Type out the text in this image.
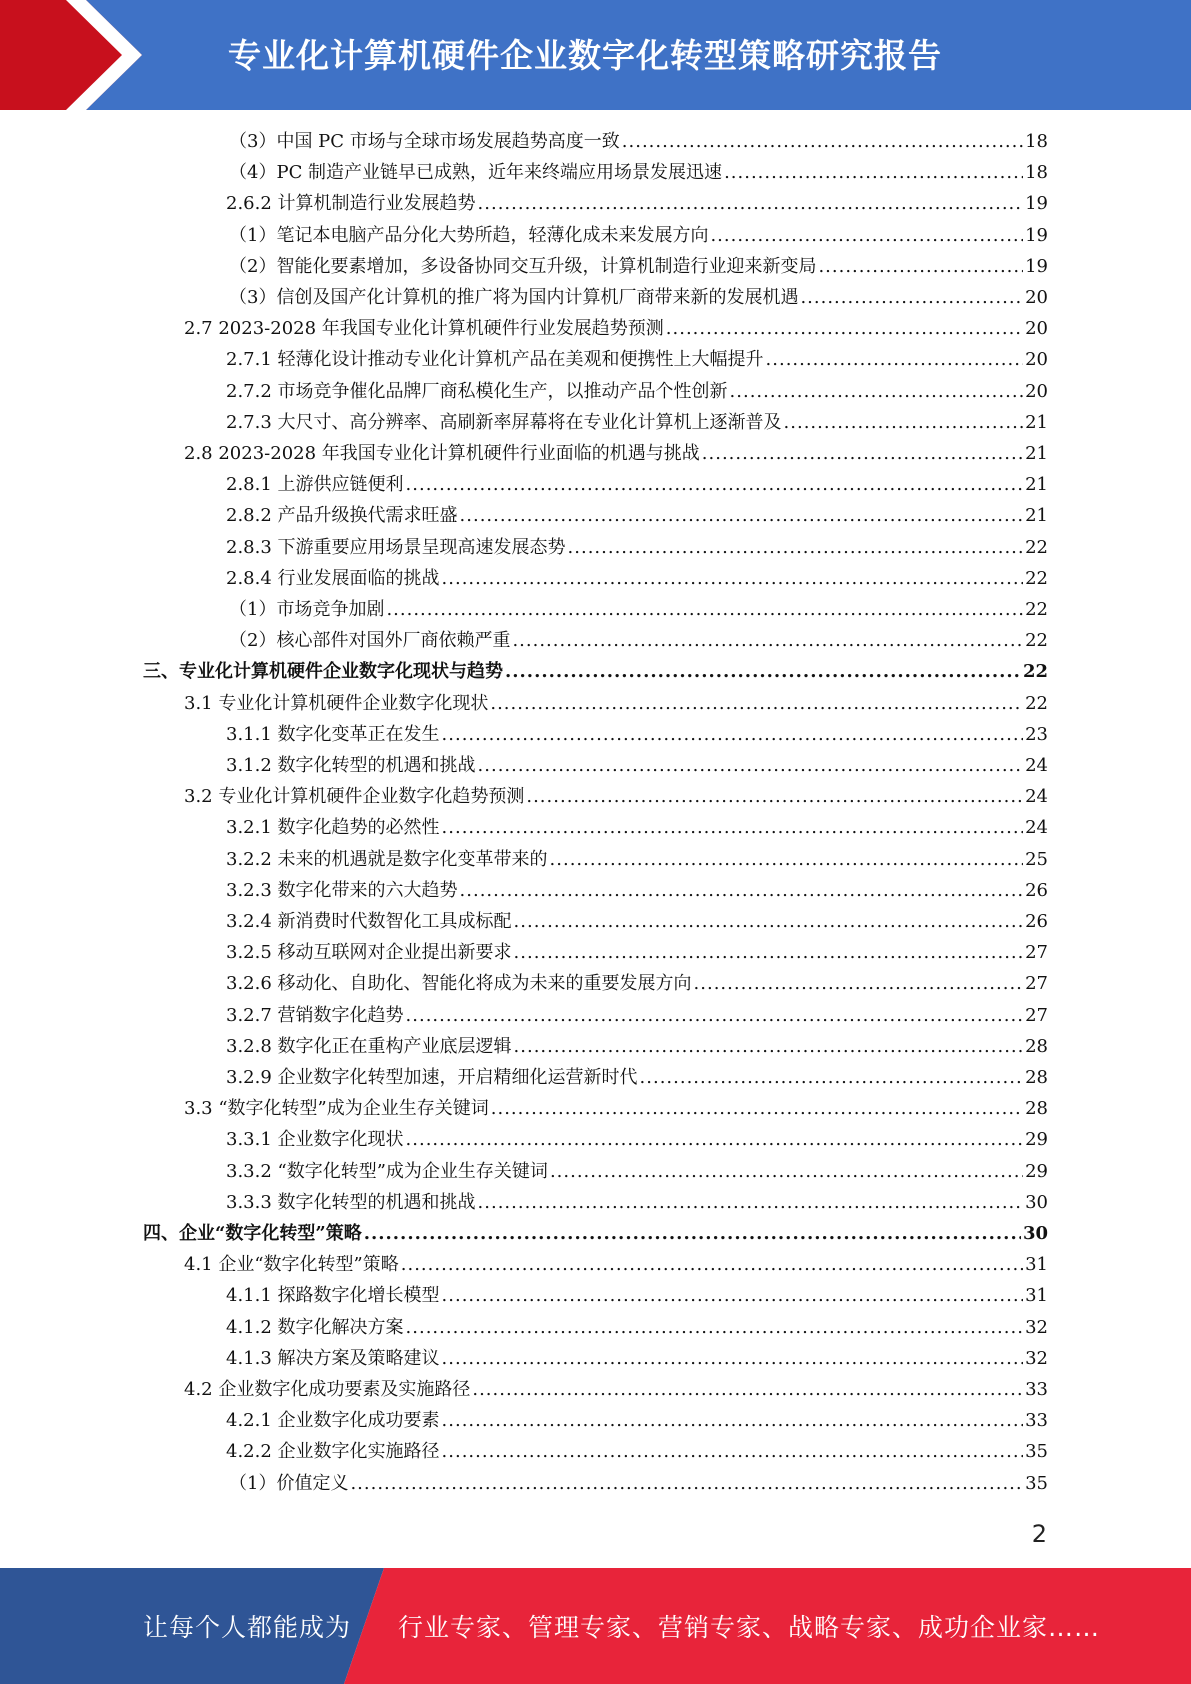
专业化计算机硬件企业数字化转型策略研究报告
（3）中国 PC 市场与全球市场发展趋势高度一致 .....	18
（4）PC 制造产业链早已成熟，近年来终端应用场景发展迅速 .....	18
2.6.2 计算机制造行业发展趋势 .....	19
（1）笔记本电脑产品分化大势所趋，轻薄化成未来发展方向 .....	19
（2）智能化要素增加，多设备协同交互升级，计算机制造行业迎来新变局 .....	19
（3）信创及国产化计算机的推广将为国内计算机厂商带来新的发展机遇 .....	20
2.7 2023-2028 年我国专业化计算机硬件行业发展趋势预测 .....	20
2.7.1 轻薄化设计推动专业化计算机产品在美观和便携性上大幅提升 .....	20
2.7.2 市场竞争催化品牌厂商私模化生产，以推动产品个性创新 .....	20
2.7.3 大尺寸、高分辨率、高刷新率屏幕将在专业化计算机上逐渐普及 .....	21
2.8 2023-2028 年我国专业化计算机硬件行业面临的机遇与挑战 .....	21
2.8.1 上游供应链便利 .....	21
2.8.2 产品升级换代需求旺盛 .....	21
2.8.3 下游重要应用场景呈现高速发展态势 .....	22
2.8.4 行业发展面临的挑战 .....	22
（1）市场竞争加剧 .....	22
（2）核心部件对国外厂商依赖严重 .....	22
三、专业化计算机硬件企业数字化现状与趋势 .....	22
3.1 专业化计算机硬件企业数字化现状 .....	22
3.1.1 数字化变革正在发生 .....	23
3.1.2 数字化转型的机遇和挑战 .....	24
3.2 专业化计算机硬件企业数字化趋势预测 .....	24
3.2.1 数字化趋势的必然性 .....	24
3.2.2 未来的机遇就是数字化变革带来的 .....	25
3.2.3 数字化带来的六大趋势 .....	26
3.2.4 新消费时代数智化工具成标配 .....	26
3.2.5 移动互联网对企业提出新要求 .....	27
3.2.6 移动化、自助化、智能化将成为未来的重要发展方向 .....	27
3.2.7 营销数字化趋势 .....	27
3.2.8 数字化正在重构产业底层逻辑 .....	28
3.2.9 企业数字化转型加速，开启精细化运营新时代 .....	28
3.3 “数字化转型”成为企业生存关键词 .....	28
3.3.1 企业数字化现状 .....	29
3.3.2 “数字化转型”成为企业生存关键词 .....	29
3.3.3 数字化转型的机遇和挑战 .....	30
四、企业“数字化转型”策略 .....	30
4.1 企业“数字化转型”策略 .....	31
4.1.1 探路数字化增长模型 .....	31
4.1.2 数字化解决方案 .....	32
4.1.3 解决方案及策略建议 .....	32
4.2 企业数字化成功要素及实施路径 .....	33
4.2.1 企业数字化成功要素 .....	33
4.2.2 企业数字化实施路径 .....	35
（1）价值定义 .....	35
2
让每个人都能成为 行业专家、管理专家、营销专家、战略专家、成功企业家……
